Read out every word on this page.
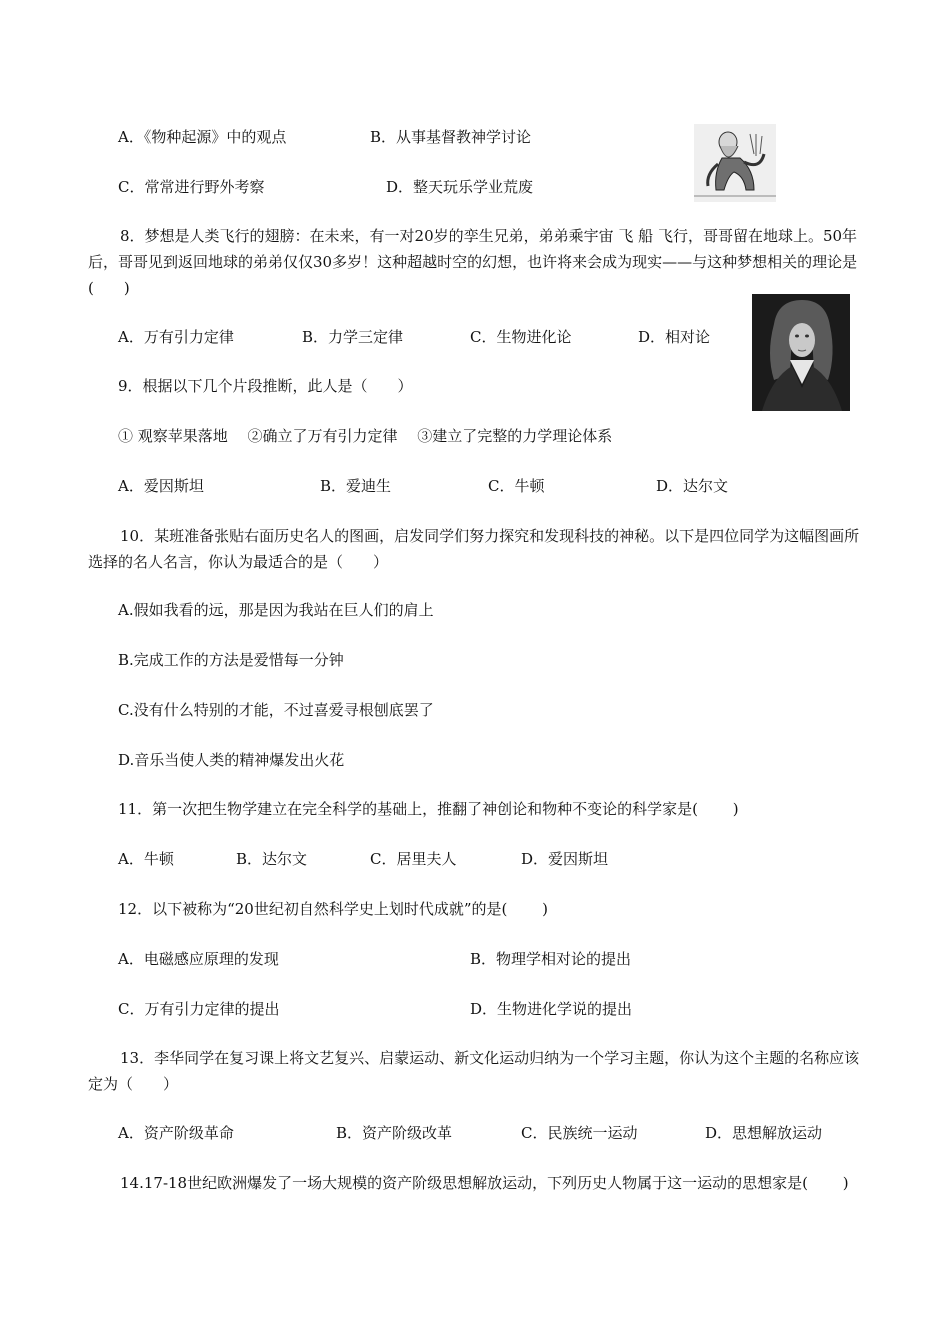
A．《物种起源》中的观点	B．从事基督教神学讨论
C．常常进行野外考察	D．整天玩乐学业荒废
8．梦想是人类飞行的翅膀：在未来，有一对20岁的孪生兄弟，弟弟乘宇宙 飞 船 飞行，哥哥留在地球上。50年后，哥哥见到返回地球的弟弟仅仅30多岁！这种超越时空的幻想，也许将来会成为现实——与这种梦想相关的理论是(　　)
A．万有引力定律	B．力学三定律	C．生物进化论	D．相对论
9．根据以下几个片段推断，此人是（　　）
① 观察苹果落地　 ②确立了万有引力定律　 ③建立了完整的力学理论体系
A．爱因斯坦	B．爱迪生	C．牛顿	D．达尔文
10．某班准备张贴右面历史名人的图画，启发同学们努力探究和发现科技的神秘。以下是四位同学为这幅图画所选择的名人名言，你认为最适合的是（　　）
A.假如我看的远，那是因为我站在巨人们的肩上
B.完成工作的方法是爱惜每一分钟
C.没有什么特别的才能，不过喜爱寻根刨底罢了
D.音乐当使人类的精神爆发出火花
11．第一次把生物学建立在完全科学的基础上，推翻了神创论和物种不变论的科学家是(　　 )
A．牛顿	B．达尔文	C．居里夫人	D．爱因斯坦
12．以下被称为“20世纪初自然科学史上划时代成就”的是(　　 )
A．电磁感应原理的发现	B．物理学相对论的提出
C．万有引力定律的提出	D．生物进化学说的提出
13．李华同学在复习课上将文艺复兴、启蒙运动、新文化运动归纳为一个学习主题，你认为这个主题的名称应该定为（　　）
A．资产阶级革命	B．资产阶级改革	C．民族统一运动	D．思想解放运动
14.17-18世纪欧洲爆发了一场大规模的资产阶级思想解放运动，下列历史人物属于这一运动的思想家是(　　 )
